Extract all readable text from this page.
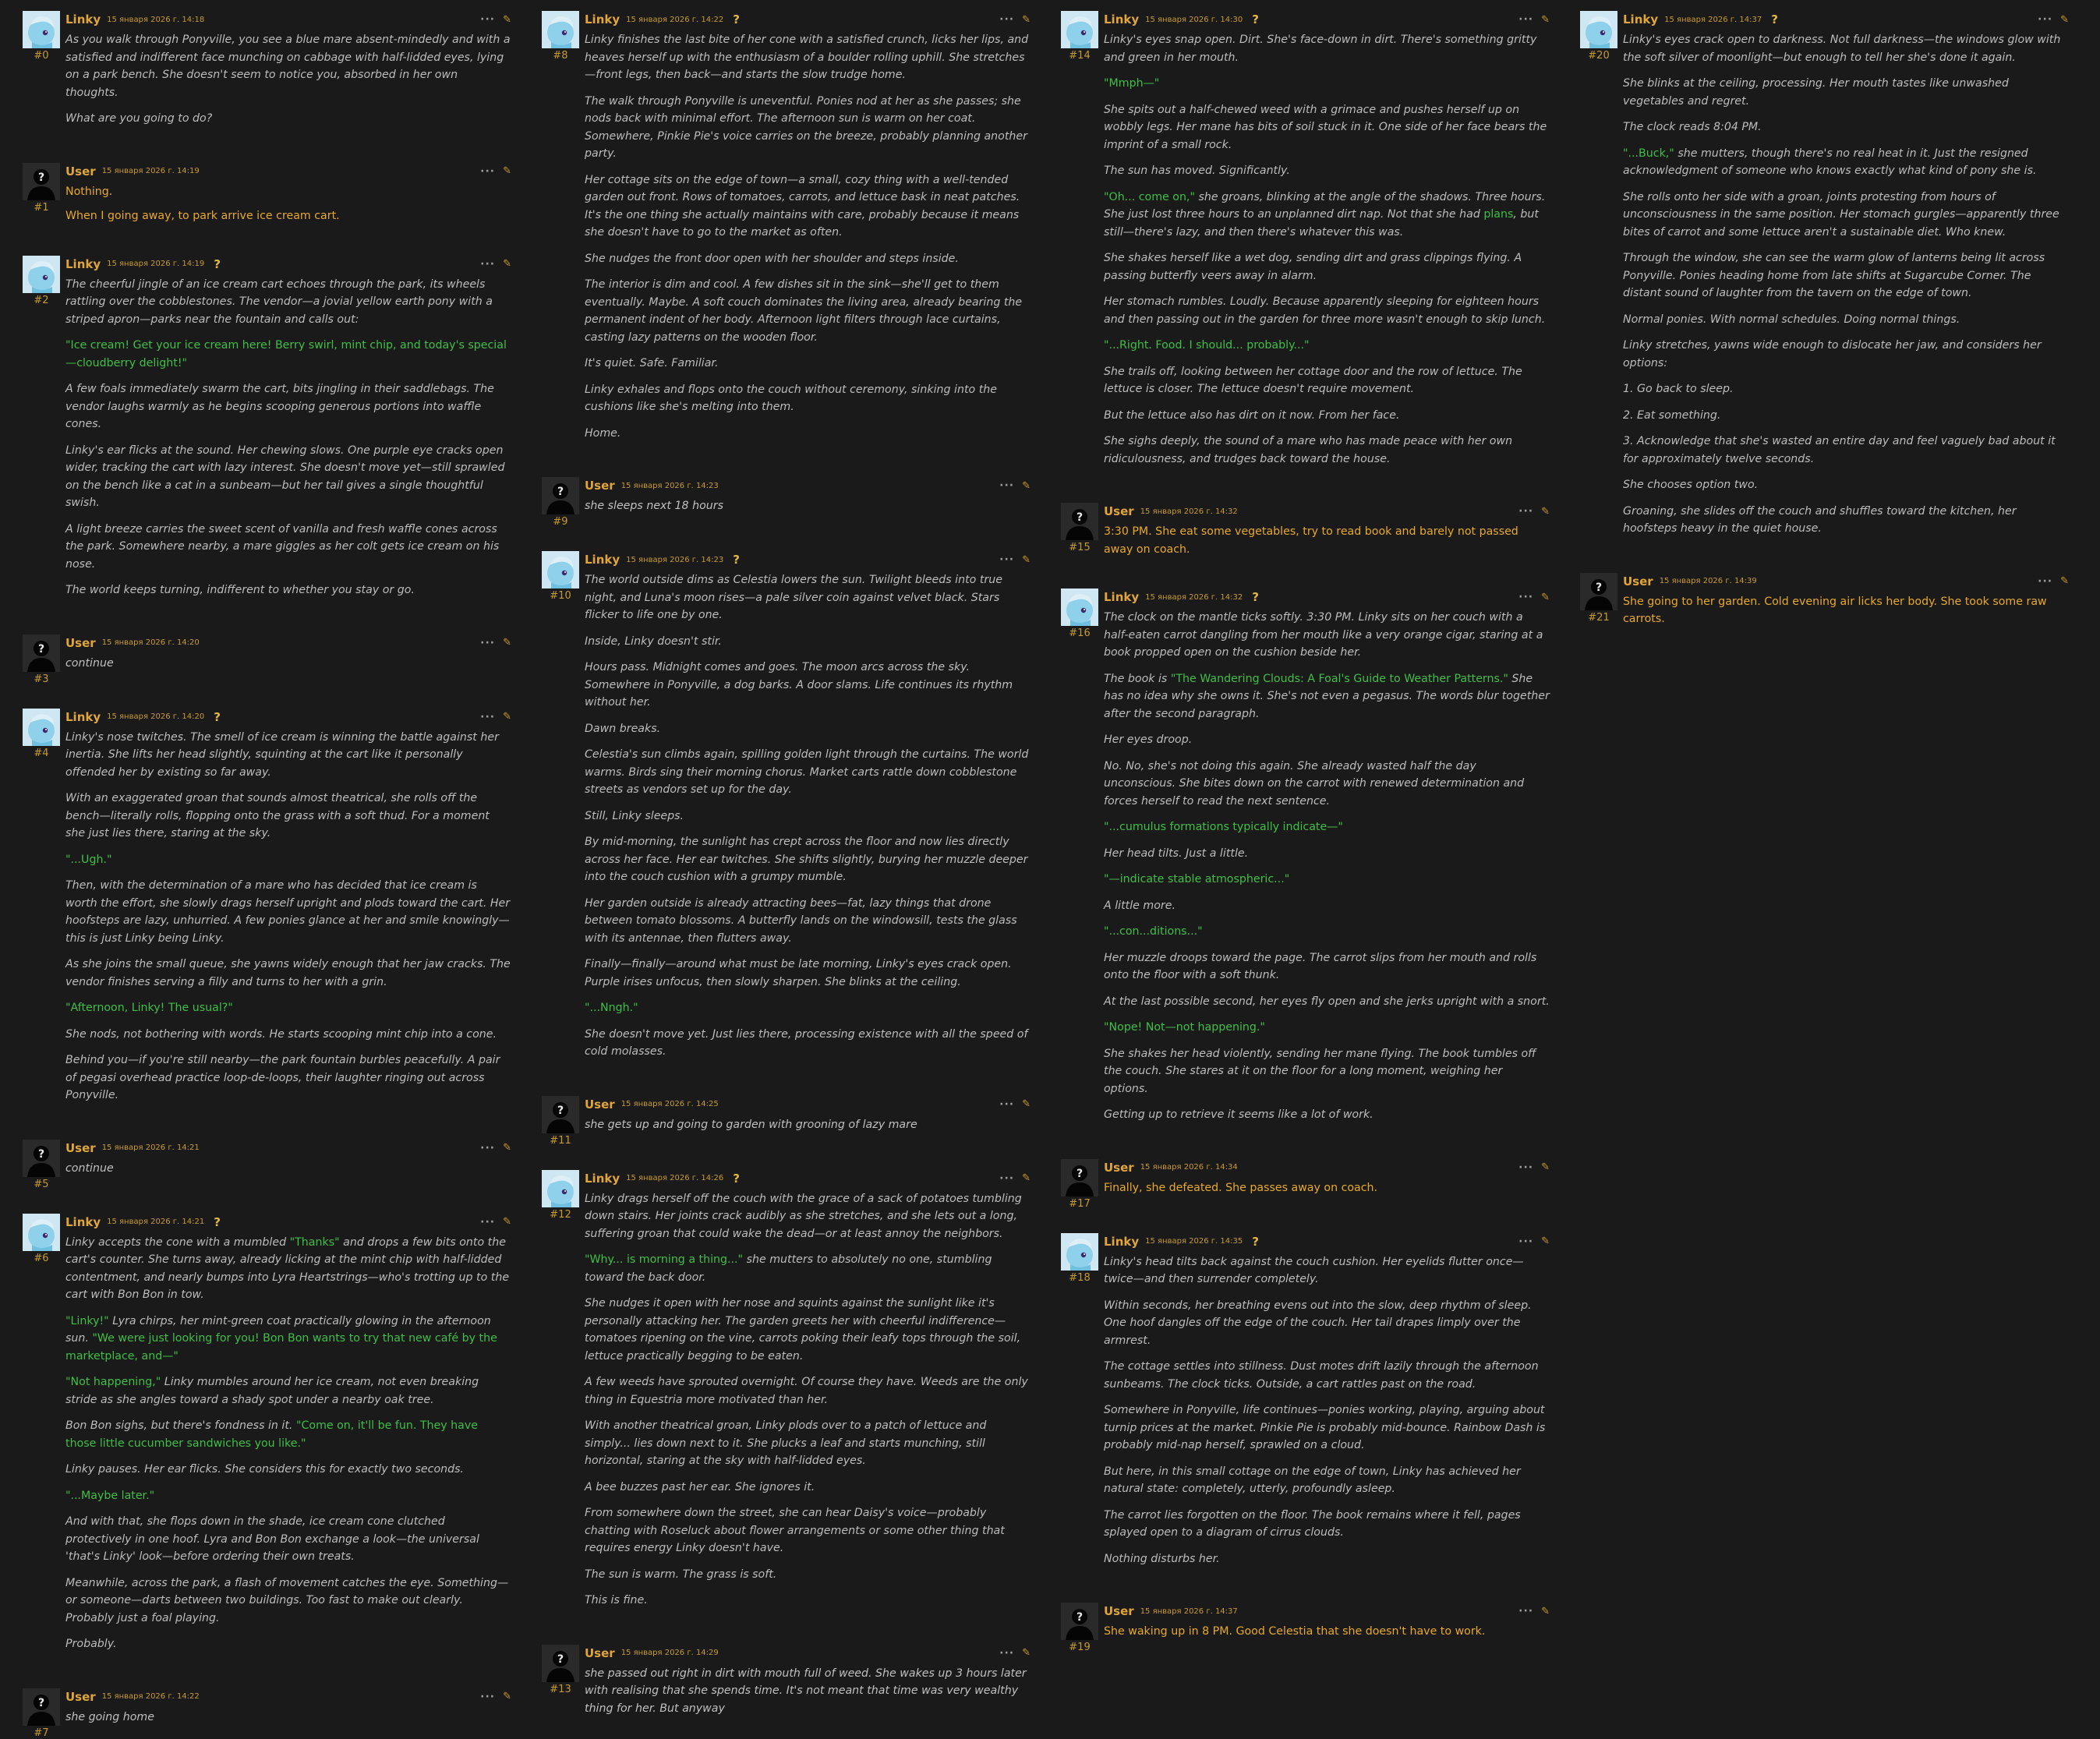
#0
Linky 15 января 2026 г. 14:18	··· ✎

As you walk through Ponyville, you see a blue mare absent-mindedly and with a satisfied and indifferent face munching on cabbage with half-lidded eyes, lying on a park bench. She doesn't seem to notice you, absorbed in her own thoughts.

What are you going to do?

?
#1
User 15 января 2026 г. 14:19	··· ✎

Nothing.

When I going away, to park arrive ice cream cart.

#2
Linky 15 января 2026 г. 14:19 ?	··· ✎

The cheerful jingle of an ice cream cart echoes through the park, its wheels rattling over the cobblestones. The vendor—a jovial yellow earth pony with a striped apron—parks near the fountain and calls out:

"Ice cream! Get your ice cream here! Berry swirl, mint chip, and today's special—cloudberry delight!"

A few foals immediately swarm the cart, bits jingling in their saddlebags. The vendor laughs warmly as he begins scooping generous portions into waffle cones.

Linky's ear flicks at the sound. Her chewing slows. One purple eye cracks open wider, tracking the cart with lazy interest. She doesn't move yet—still sprawled on the bench like a cat in a sunbeam—but her tail gives a single thoughtful swish.

A light breeze carries the sweet scent of vanilla and fresh waffle cones across the park. Somewhere nearby, a mare giggles as her colt gets ice cream on his nose.

The world keeps turning, indifferent to whether you stay or go.

?
#3
User 15 января 2026 г. 14:20	··· ✎

continue

#4
Linky 15 января 2026 г. 14:20 ?	··· ✎

Linky's nose twitches. The smell of ice cream is winning the battle against her inertia. She lifts her head slightly, squinting at the cart like it personally offended her by existing so far away.

With an exaggerated groan that sounds almost theatrical, she rolls off the bench—literally rolls, flopping onto the grass with a soft thud. For a moment she just lies there, staring at the sky.

"...Ugh."

Then, with the determination of a mare who has decided that ice cream is worth the effort, she slowly drags herself upright and plods toward the cart. Her hoofsteps are lazy, unhurried. A few ponies glance at her and smile knowingly—this is just Linky being Linky.

As she joins the small queue, she yawns widely enough that her jaw cracks. The vendor finishes serving a filly and turns to her with a grin.

"Afternoon, Linky! The usual?"

She nods, not bothering with words. He starts scooping mint chip into a cone.

Behind you—if you're still nearby—the park fountain burbles peacefully. A pair of pegasi overhead practice loop-de-loops, their laughter ringing out across Ponyville.

?
#5
User 15 января 2026 г. 14:21	··· ✎

continue

#6
Linky 15 января 2026 г. 14:21 ?	··· ✎

Linky accepts the cone with a mumbled "Thanks" and drops a few bits onto the cart's counter. She turns away, already licking at the mint chip with half-lidded contentment, and nearly bumps into Lyra Heartstrings—who's trotting up to the cart with Bon Bon in tow.

"Linky!" Lyra chirps, her mint-green coat practically glowing in the afternoon sun. "We were just looking for you! Bon Bon wants to try that new café by the marketplace, and—"

"Not happening," Linky mumbles around her ice cream, not even breaking stride as she angles toward a shady spot under a nearby oak tree.

Bon Bon sighs, but there's fondness in it. "Come on, it'll be fun. They have those little cucumber sandwiches you like."

Linky pauses. Her ear flicks. She considers this for exactly two seconds.

"...Maybe later."

And with that, she flops down in the shade, ice cream cone clutched protectively in one hoof. Lyra and Bon Bon exchange a look—the universal 'that's Linky' look—before ordering their own treats.

Meanwhile, across the park, a flash of movement catches the eye. Something—or someone—darts between two buildings. Too fast to make out clearly. Probably just a foal playing.

Probably.

?
#7
User 15 января 2026 г. 14:22	··· ✎

she going home

#8
Linky 15 января 2026 г. 14:22 ?	··· ✎

Linky finishes the last bite of her cone with a satisfied crunch, licks her lips, and heaves herself up with the enthusiasm of a boulder rolling uphill. She stretches—front legs, then back—and starts the slow trudge home.

The walk through Ponyville is uneventful. Ponies nod at her as she passes; she nods back with minimal effort. The afternoon sun is warm on her coat. Somewhere, Pinkie Pie's voice carries on the breeze, probably planning another party.

Her cottage sits on the edge of town—a small, cozy thing with a well-tended garden out front. Rows of tomatoes, carrots, and lettuce bask in neat patches. It's the one thing she actually maintains with care, probably because it means she doesn't have to go to the market as often.

She nudges the front door open with her shoulder and steps inside.

The interior is dim and cool. A few dishes sit in the sink—she'll get to them eventually. Maybe. A soft couch dominates the living area, already bearing the permanent indent of her body. Afternoon light filters through lace curtains, casting lazy patterns on the wooden floor.

It's quiet. Safe. Familiar.

Linky exhales and flops onto the couch without ceremony, sinking into the cushions like she's melting into them.

Home.

?
#9
User 15 января 2026 г. 14:23	··· ✎

she sleeps next 18 hours

#10
Linky 15 января 2026 г. 14:23 ?	··· ✎

The world outside dims as Celestia lowers the sun. Twilight bleeds into true night, and Luna's moon rises—a pale silver coin against velvet black. Stars flicker to life one by one.

Inside, Linky doesn't stir.

Hours pass. Midnight comes and goes. The moon arcs across the sky. Somewhere in Ponyville, a dog barks. A door slams. Life continues its rhythm without her.

Dawn breaks.

Celestia's sun climbs again, spilling golden light through the curtains. The world warms. Birds sing their morning chorus. Market carts rattle down cobblestone streets as vendors set up for the day.

Still, Linky sleeps.

By mid-morning, the sunlight has crept across the floor and now lies directly across her face. Her ear twitches. She shifts slightly, burying her muzzle deeper into the couch cushion with a grumpy mumble.

Her garden outside is already attracting bees—fat, lazy things that drone between tomato blossoms. A butterfly lands on the windowsill, tests the glass with its antennae, then flutters away.

Finally—finally—around what must be late morning, Linky's eyes crack open. Purple irises unfocus, then slowly sharpen. She blinks at the ceiling.

"...Nngh."

She doesn't move yet. Just lies there, processing existence with all the speed of cold molasses.

?
#11
User 15 января 2026 г. 14:25	··· ✎

she gets up and going to garden with grooning of lazy mare

#12
Linky 15 января 2026 г. 14:26 ?	··· ✎

Linky drags herself off the couch with the grace of a sack of potatoes tumbling down stairs. Her joints crack audibly as she stretches, and she lets out a long, suffering groan that could wake the dead—or at least annoy the neighbors.

"Why... is morning a thing..." she mutters to absolutely no one, stumbling toward the back door.

She nudges it open with her nose and squints against the sunlight like it's personally attacking her. The garden greets her with cheerful indifference—tomatoes ripening on the vine, carrots poking their leafy tops through the soil, lettuce practically begging to be eaten.

A few weeds have sprouted overnight. Of course they have. Weeds are the only thing in Equestria more motivated than her.

With another theatrical groan, Linky plods over to a patch of lettuce and simply... lies down next to it. She plucks a leaf and starts munching, still horizontal, staring at the sky with half-lidded eyes.

A bee buzzes past her ear. She ignores it.

From somewhere down the street, she can hear Daisy's voice—probably chatting with Roseluck about flower arrangements or some other thing that requires energy Linky doesn't have.

The sun is warm. The grass is soft.

This is fine.

?
#13
User 15 января 2026 г. 14:29	··· ✎

she passed out right in dirt with mouth full of weed. She wakes up 3 hours later with realising that she spends time. It's not meant that time was very wealthy thing for her. But anyway

#14
Linky 15 января 2026 г. 14:30 ?	··· ✎

Linky's eyes snap open. Dirt. She's face-down in dirt. There's something gritty and green in her mouth.

"Mmph—"

She spits out a half-chewed weed with a grimace and pushes herself up on wobbly legs. Her mane has bits of soil stuck in it. One side of her face bears the imprint of a small rock.

The sun has moved. Significantly.

"Oh... come on," she groans, blinking at the angle of the shadows. Three hours. She just lost three hours to an unplanned dirt nap. Not that she had plans, but still—there's lazy, and then there's whatever this was.

She shakes herself like a wet dog, sending dirt and grass clippings flying. A passing butterfly veers away in alarm.

Her stomach rumbles. Loudly. Because apparently sleeping for eighteen hours and then passing out in the garden for three more wasn't enough to skip lunch.

"...Right. Food. I should... probably..."

She trails off, looking between her cottage door and the row of lettuce. The lettuce is closer. The lettuce doesn't require movement.

But the lettuce also has dirt on it now. From her face.

She sighs deeply, the sound of a mare who has made peace with her own ridiculousness, and trudges back toward the house.

?
#15
User 15 января 2026 г. 14:32	··· ✎

3:30 PM. She eat some vegetables, try to read book and barely not passed away on coach.

#16
Linky 15 января 2026 г. 14:32 ?	··· ✎

The clock on the mantle ticks softly. 3:30 PM. Linky sits on her couch with a half-eaten carrot dangling from her mouth like a very orange cigar, staring at a book propped open on the cushion beside her.

The book is "The Wandering Clouds: A Foal's Guide to Weather Patterns." She has no idea why she owns it. She's not even a pegasus. The words blur together after the second paragraph.

Her eyes droop.

No. No, she's not doing this again. She already wasted half the day unconscious. She bites down on the carrot with renewed determination and forces herself to read the next sentence.

"...cumulus formations typically indicate—"

Her head tilts. Just a little.

"—indicate stable atmospheric..."

A little more.

"...con...ditions..."

Her muzzle droops toward the page. The carrot slips from her mouth and rolls onto the floor with a soft thunk.

At the last possible second, her eyes fly open and she jerks upright with a snort.

"Nope! Not—not happening."

She shakes her head violently, sending her mane flying. The book tumbles off the couch. She stares at it on the floor for a long moment, weighing her options.

Getting up to retrieve it seems like a lot of work.

?
#17
User 15 января 2026 г. 14:34	··· ✎

Finally, she defeated. She passes away on coach.

#18
Linky 15 января 2026 г. 14:35 ?	··· ✎

Linky's head tilts back against the couch cushion. Her eyelids flutter once—twice—and then surrender completely.

Within seconds, her breathing evens out into the slow, deep rhythm of sleep. One hoof dangles off the edge of the couch. Her tail drapes limply over the armrest.

The cottage settles into stillness. Dust motes drift lazily through the afternoon sunbeams. The clock ticks. Outside, a cart rattles past on the road.

Somewhere in Ponyville, life continues—ponies working, playing, arguing about turnip prices at the market. Pinkie Pie is probably mid-bounce. Rainbow Dash is probably mid-nap herself, sprawled on a cloud.

But here, in this small cottage on the edge of town, Linky has achieved her natural state: completely, utterly, profoundly asleep.

The carrot lies forgotten on the floor. The book remains where it fell, pages splayed open to a diagram of cirrus clouds.

Nothing disturbs her.

?
#19
User 15 января 2026 г. 14:37	··· ✎

She waking up in 8 PM. Good Celestia that she doesn't have to work.

#20
Linky 15 января 2026 г. 14:37 ?	··· ✎

Linky's eyes crack open to darkness. Not full darkness—the windows glow with the soft silver of moonlight—but enough to tell her she's done it again.

She blinks at the ceiling, processing. Her mouth tastes like unwashed vegetables and regret.

The clock reads 8:04 PM.

"...Buck," she mutters, though there's no real heat in it. Just the resigned acknowledgment of someone who knows exactly what kind of pony she is.

She rolls onto her side with a groan, joints protesting from hours of unconsciousness in the same position. Her stomach gurgles—apparently three bites of carrot and some lettuce aren't a sustainable diet. Who knew.

Through the window, she can see the warm glow of lanterns being lit across Ponyville. Ponies heading home from late shifts at Sugarcube Corner. The distant sound of laughter from the tavern on the edge of town.

Normal ponies. With normal schedules. Doing normal things.

Linky stretches, yawns wide enough to dislocate her jaw, and considers her options:

1. Go back to sleep.

2. Eat something.

3. Acknowledge that she's wasted an entire day and feel vaguely bad about it for approximately twelve seconds.

She chooses option two.

Groaning, she slides off the couch and shuffles toward the kitchen, her hoofsteps heavy in the quiet house.

?
#21
User 15 января 2026 г. 14:39	··· ✎

She going to her garden. Cold evening air licks her body. She took some raw carrots.
